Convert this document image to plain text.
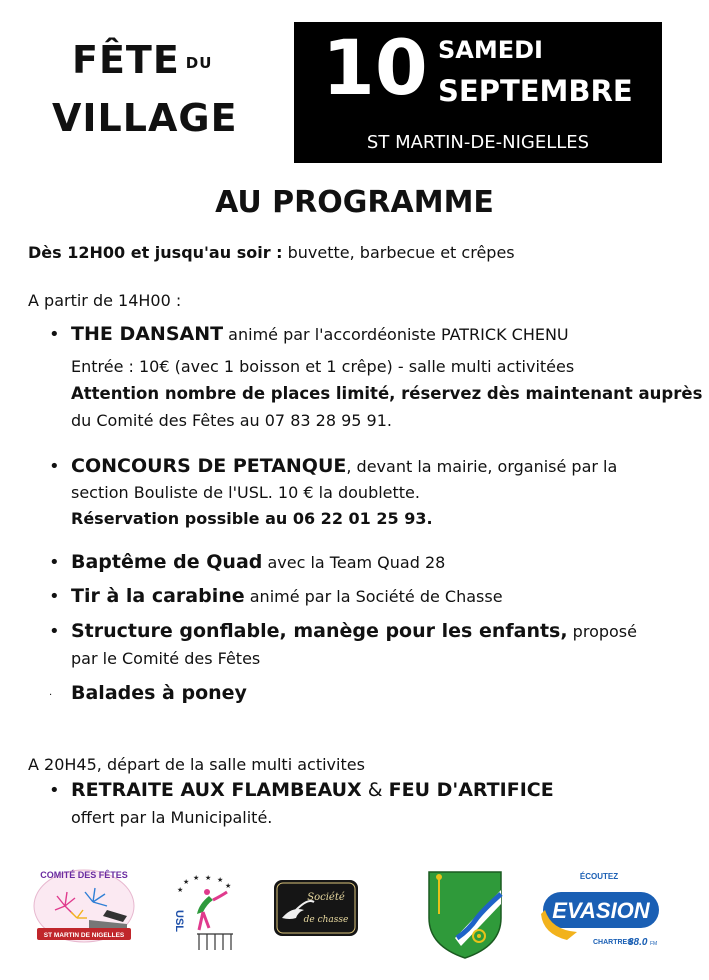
FÊTE DU
VILLAGE
10 SAMEDI
SEPTEMBRE
ST MARTIN-DE-NIGELLES
AU PROGRAMME
Dès 12H00 et jusqu'au soir : buvette, barbecue et crêpes
A partir de 14H00 :
• THE DANSANT animé par l'accordéoniste PATRICK CHENU
Entrée : 10€ (avec 1 boisson et 1 crêpe) - salle multi activitées
Attention nombre de places limité, réservez dès maintenant auprès
du Comité des Fêtes au 07 83 28 95 91.
• CONCOURS DE PETANQUE, devant la mairie, organisé par la
section Bouliste de l'USL. 10 € la doublette.
Réservation possible au 06 22 01 25 93.
• Baptême de Quad avec la Team Quad 28
• Tir à la carabine animé par la Société de Chasse
• Structure gonflable, manège pour les enfants, proposé
par le Comité des Fêtes
. Balades à poney
A 20H45, départ de la salle multi activites
• RETRAITE AUX FLAMBEAUX & FEU D'ARTIFICE
offert par la Municipalité.
ST MARTIN DE NIGELLES
COMITÉ DES FÊTES
★
★ ★ ★ ★
★
USL
Société
de chasse
ÉCOUTEZ
EVASION
CHARTRES
88.0 FM
